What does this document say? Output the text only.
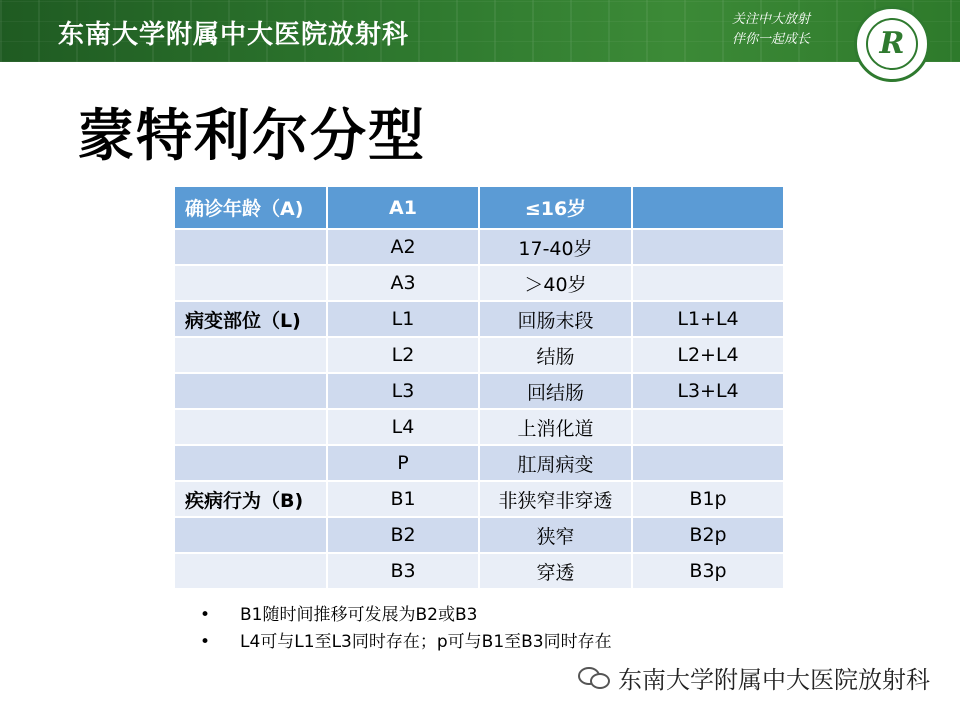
东南大学附属中大医院放射科
关注中大放射
伴你一起成长	R
蒙特利尔分型
确诊年龄（A)	A1	≤16岁	
	A2	17-40岁	
	A3	＞40岁	
病变部位（L)	L1	回肠末段	L1+L4
	L2	结肠	L2+L4
	L3	回结肠	L3+L4
	L4	上消化道	
	P	肛周病变	
疾病行为（B)	B1	非狭窄非穿透	B1p
	B2	狭窄	B2p
	B3	穿透	B3p
• B1随时间推移可发展为B2或B3
• L4可与L1至L3同时存在；p可与B1至B3同时存在
东南大学附属中大医院放射科
